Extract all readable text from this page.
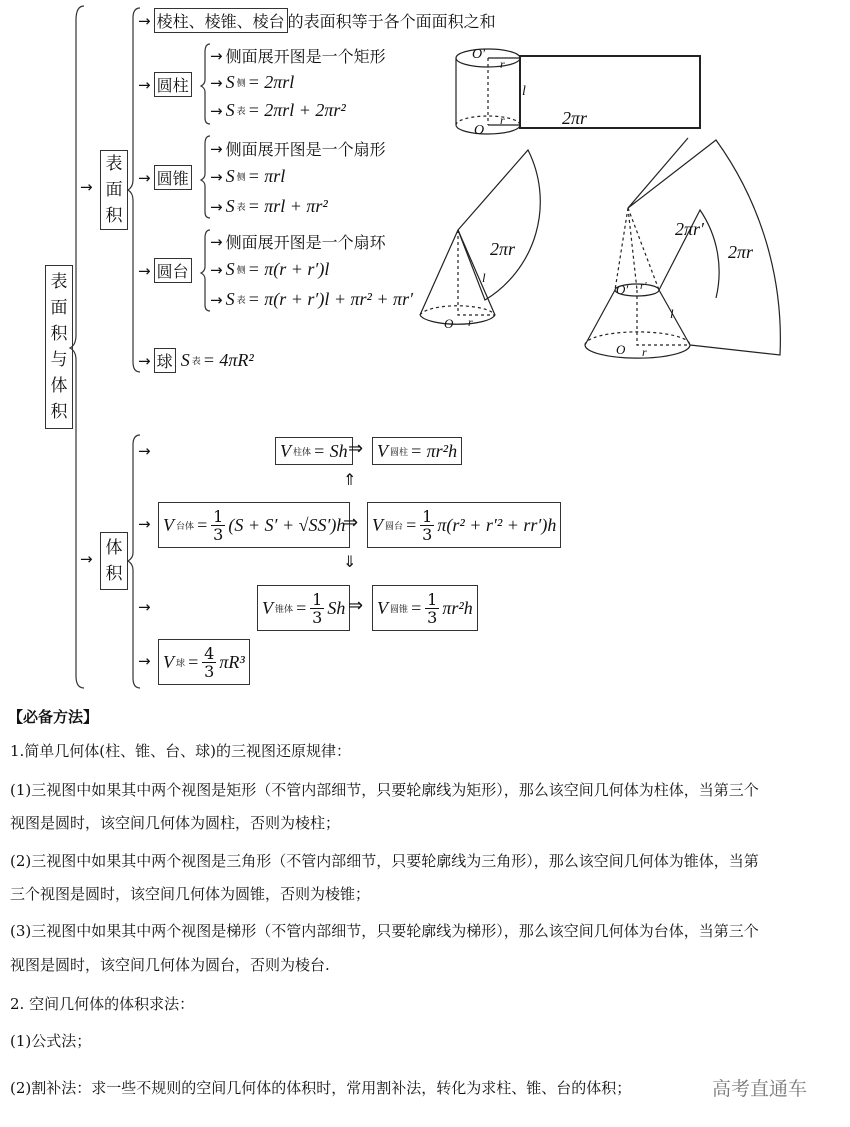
表
面
积
与
体
积
→
表
面
积
→
体
积
→ 棱柱、棱锥、棱台 的表面积等于各个面面积之和
→ 圆柱
→ 侧面展开图是一个矩形
→ S 侧 = 2πrl
→ S 表 = 2πrl + 2πr²
→ 圆锥
→ 侧面展开图是一个扇形
→ S 侧 = πrl
→ S 表 = πrl + πr²
→ 圆台
→ 侧面展开图是一个扇环
→ S 侧 = π(r + r′)l
→ S 表 = π(r + r′)l + πr² + πr′
→ 球
S 表 = 4πR²
O′
r
l
O
r	2πr
2πr
l
O r
2πr′
2πr
O′ r′
l
O r
→
→
→
→
V 柱体 = Sh ⇒ V 圆柱 = πr²h
⇑
V 台体 = $\frac{1}{3} (S + S' + √SS')h$
⇒ V 圆台 = $\frac{1}{3} \pi(r^2 + r'^2 + rr')h$
⇓
V 锥体 = $\frac{1}{3}$ Sh ⇒ V 圆锥 = $\frac{1}{3} \pi r^2h$
V 球 = $\frac{4}{3} \pi R^3$
【必备方法】
1.简单几何体(柱、锥、台、球)的三视图还原规律：
(1)三视图中如果其中两个视图是矩形（不管内部细节，只要轮廓线为矩形），那么该空间几何体为柱体，当第三个
视图是圆时，该空间几何体为圆柱，否则为棱柱；
(2)三视图中如果其中两个视图是三角形（不管内部细节，只要轮廓线为三角形），那么该空间几何体为锥体，当第
三个视图是圆时，该空间几何体为圆锥，否则为棱锥；
(3)三视图中如果其中两个视图是梯形（不管内部细节，只要轮廓线为梯形），那么该空间几何体为台体，当第三个
视图是圆时，该空间几何体为圆台，否则为棱台.
2. 空间几何体的体积求法：
(1)公式法；
(2)割补法：求一些不规则的空间几何体的体积时，常用割补法，转化为求柱、锥、台的体积；	高考直通车
